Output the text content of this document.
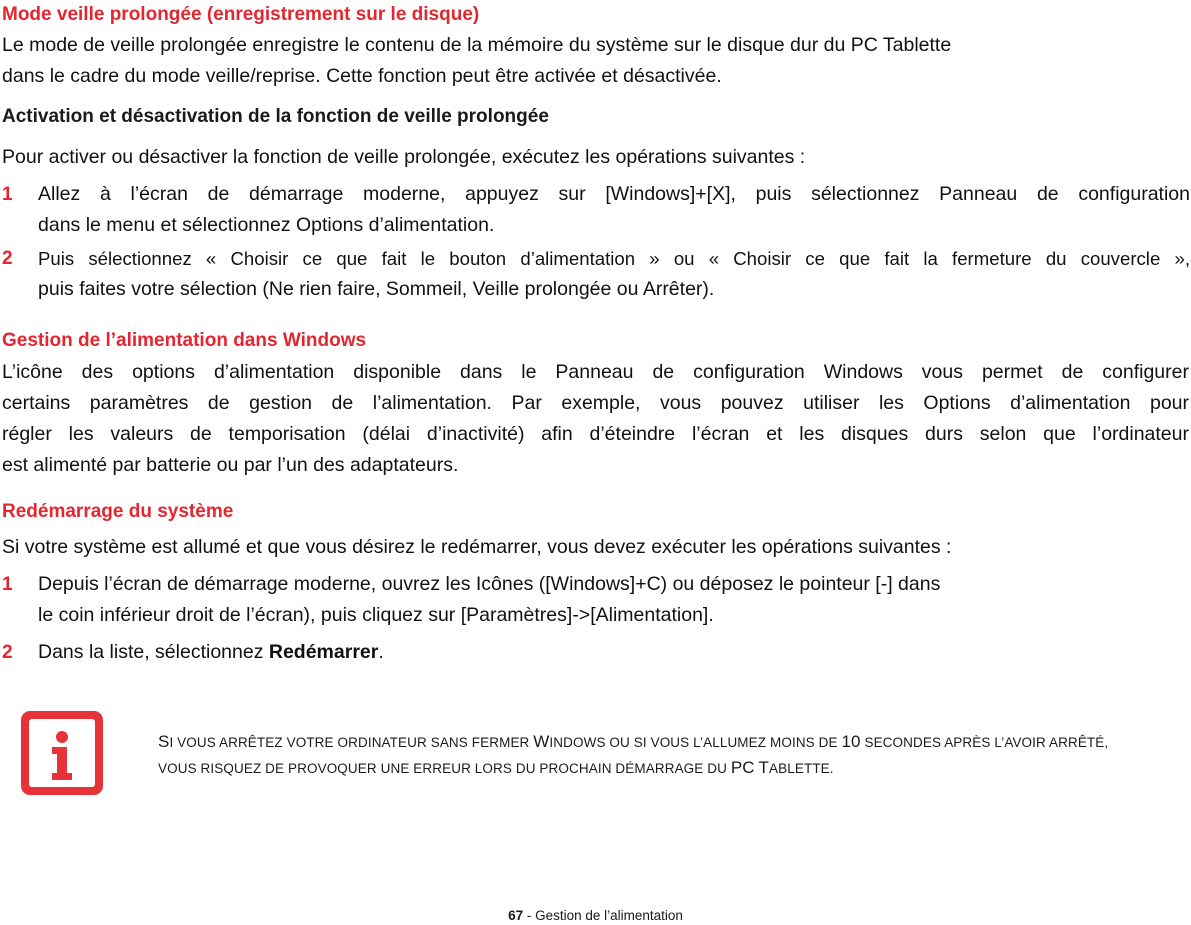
Mode veille prolongée (enregistrement sur le disque)
Le mode de veille prolongée enregistre le contenu de la mémoire du système sur le disque dur du PC Tablette
dans le cadre du mode veille/reprise. Cette fonction peut être activée et désactivée.
Activation et désactivation de la fonction de veille prolongée
Pour activer ou désactiver la fonction de veille prolongée, exécutez les opérations suivantes :
1 Allez à l’écran de démarrage moderne, appuyez sur [Windows]+[X], puis sélectionnez Panneau de configuration
dans le menu et sélectionnez Options d’alimentation.
2 Puis sélectionnez « Choisir ce que fait le bouton d’alimentation » ou « Choisir ce que fait la fermeture du couvercle »,
puis faites votre sélection (Ne rien faire, Sommeil, Veille prolongée ou Arrêter).
Gestion de l’alimentation dans Windows
L’icône des options d’alimentation disponible dans le Panneau de configuration Windows vous permet de configurer
certains paramètres de gestion de l’alimentation. Par exemple, vous pouvez utiliser les Options d’alimentation pour
régler les valeurs de temporisation (délai d’inactivité) afin d’éteindre l’écran et les disques durs selon que l’ordinateur
est alimenté par batterie ou par l’un des adaptateurs.
Redémarrage du système
Si votre système est allumé et que vous désirez le redémarrer, vous devez exécuter les opérations suivantes :
1 Depuis l’écran de démarrage moderne, ouvrez les Icônes ([Windows]+C) ou déposez le pointeur [-] dans
le coin inférieur droit de l’écran), puis cliquez sur [Paramètres]->[Alimentation].
2 Dans la liste, sélectionnez Redémarrer.
SI VOUS ARRÊTEZ VOTRE ORDINATEUR SANS FERMER WINDOWS OU SI VOUS L’ALLUMEZ MOINS DE 10 SECONDES APRÈS L’AVOIR ARRÊTÉ,
VOUS RISQUEZ DE PROVOQUER UNE ERREUR LORS DU PROCHAIN DÉMARRAGE DU PC TABLETTE.
67 - Gestion de l’alimentation
